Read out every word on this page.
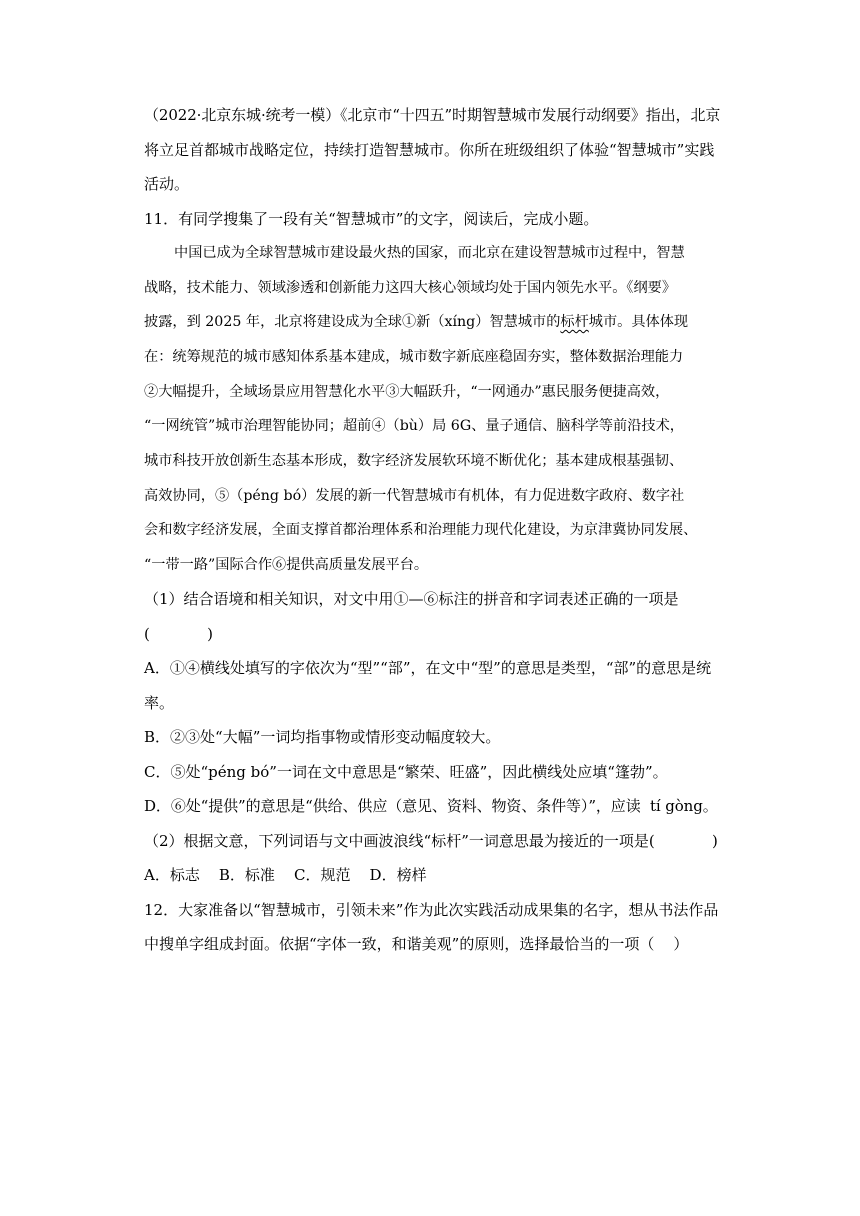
（2022·北京东城·统考一模）《北京市“十四五”时期智慧城市发展行动纲要》指出，北京
将立足首都城市战略定位，持续打造智慧城市。你所在班级组织了体验“智慧城市”实践
活动。
11．有同学搜集了一段有关“智慧城市”的文字，阅读后，完成小题。
中国已成为全球智慧城市建设最火热的国家，而北京在建设智慧城市过程中，智慧
战略，技术能力、领域渗透和创新能力这四大核心领域均处于国内领先水平。《纲要》
披露，到 2025 年，北京将建设成为全球①新（xíng）智慧城市的标杆城市。具体体现
在：统筹规范的城市感知体系基本建成，城市数字新底座稳固夯实，整体数据治理能力
②大幅提升，全域场景应用智慧化水平③大幅跃升，“一网通办”惠民服务便捷高效，
“一网统管”城市治理智能协同；超前④（bù）局 6G、量子通信、脑科学等前沿技术，
城市科技开放创新生态基本形成，数字经济发展软环境不断优化；基本建成根基强韧、
高效协同，⑤（péng bó）发展的新一代智慧城市有机体，有力促进数字政府、数字社
会和数字经济发展，全面支撑首都治理体系和治理能力现代化建设，为京津冀协同发展、
“一带一路”国际合作⑥提供高质量发展平台。
（1）结合语境和相关知识，对文中用①—⑥标注的拼音和字词表述正确的一项是
(            )
A．①④横线处填写的字依次为“型”“部”，在文中“型”的意思是类型，“部”的意思是统
率。
B．②③处“大幅”一词均指事物或情形变动幅度较大。
C．⑤处“péng bó”一词在文中意思是“繁荣、旺盛”，因此横线处应填“篷勃”。
D．⑥处“提供”的意思是“供给、供应（意见、资料、物资、条件等）”，应读  tí gòng。
（2）根据文意，下列词语与文中画波浪线“标杆”一词意思最为接近的一项是(            )
A．标志    B．标准    C．规范    D．榜样
12．大家准备以“智慧城市，引领未来”作为此次实践活动成果集的名字，想从书法作品
中搜单字组成封面。依据“字体一致，和谐美观”的原则，选择最恰当的一项（    ）
